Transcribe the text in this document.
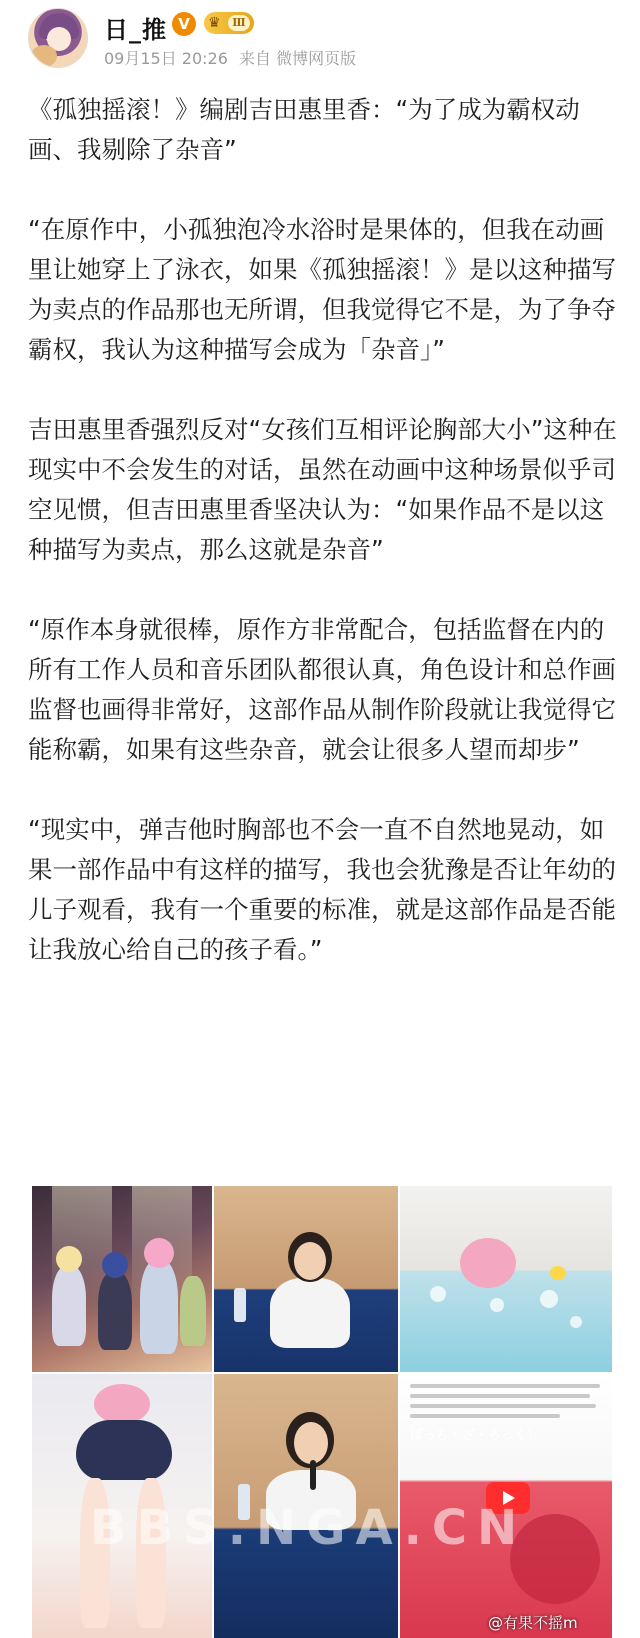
日_推 V	♛	Ⅲ
09月15日 20:26 来自 微博网页版

《孤独摇滚！》编剧吉田惠里香：“为了成为霸权动画、我剔除了杂音”

“在原作中，小孤独泡冷水浴时是果体的，但我在动画里让她穿上了泳衣，如果《孤独摇滚！》是以这种描写为卖点的作品那也无所谓，但我觉得它不是，为了争夺霸权，我认为这种描写会成为「杂音」”

吉田惠里香强烈反对“女孩们互相评论胸部大小”这种在现实中不会发生的对话，虽然在动画中这种场景似乎司空见惯，但吉田惠里香坚决认为：“如果作品不是以这种描写为卖点，那么这就是杂音”

“原作本身就很棒，原作方非常配合，包括监督在内的所有工作人员和音乐团队都很认真，角色设计和总作画监督也画得非常好，这部作品从制作阶段就让我觉得它能称霸，如果有这些杂音，就会让很多人望而却步”

“现实中，弹吉他时胸部也不会一直不自然地晃动，如果一部作品中有这样的描写，我也会犹豫是否让年幼的儿子观看，我有一个重要的标准，就是这部作品是否能让我放心给自己的孩子看。”

ぼっち・ざ・ろっく！
BBS.NGA.CN
@有果不摇m
